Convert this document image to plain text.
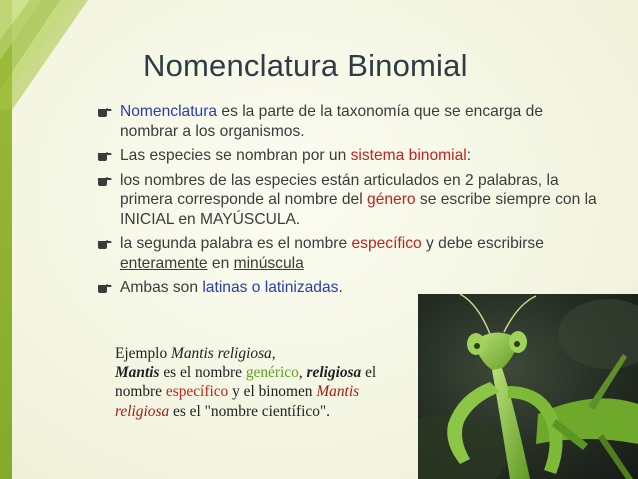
Nomenclatura Binomial
Nomenclatura es la parte de la taxonomía que se encarga de nombrar a los organismos.
Las especies se nombran por un sistema binomial:
los nombres de las especies están articulados en 2 palabras, la primera corresponde al nombre del género se escribe siempre con la INICIAL en MAYÚSCULA.
la segunda palabra es el nombre específico y debe escribirse enteramente en minúscula
Ambas son latinas o latinizadas.
Ejemplo Mantis religiosa,
Mantis es el nombre genérico, religiosa el
nombre específico y el binomen Mantis
religiosa es el "nombre científico".
